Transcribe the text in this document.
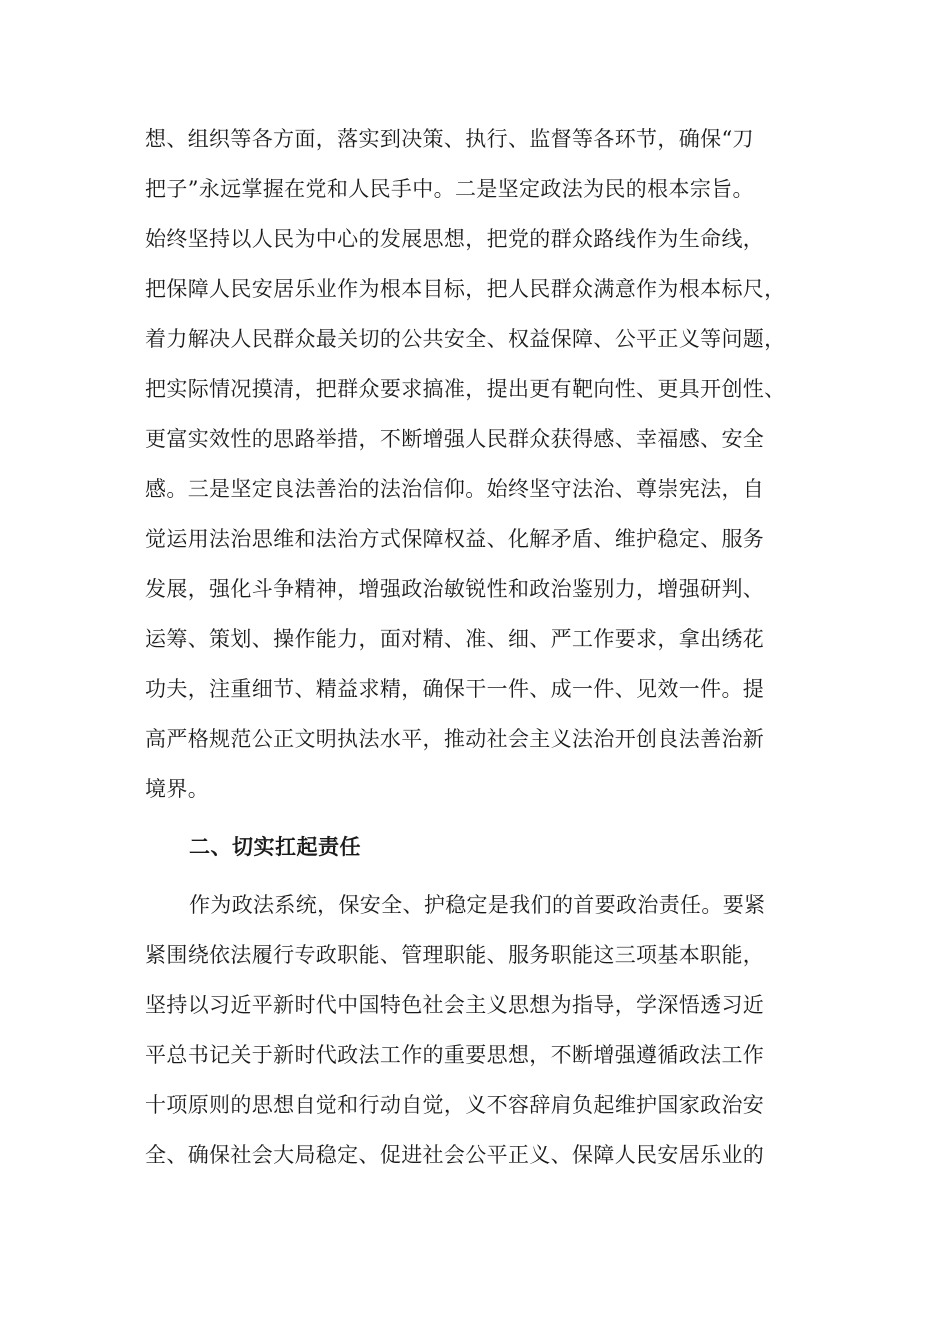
想、组织等各方面，落实到决策、执行、监督等各环节，确保“刀
把子”永远掌握在党和人民手中。二是坚定政法为民的根本宗旨。
始终坚持以人民为中心的发展思想，把党的群众路线作为生命线，
把保障人民安居乐业作为根本目标，把人民群众满意作为根本标尺，
着力解决人民群众最关切的公共安全、权益保障、公平正义等问题，
把实际情况摸清，把群众要求搞准，提出更有靶向性、更具开创性、
更富实效性的思路举措，不断增强人民群众获得感、幸福感、安全
感。三是坚定良法善治的法治信仰。始终坚守法治、尊崇宪法，自
觉运用法治思维和法治方式保障权益、化解矛盾、维护稳定、服务
发展，强化斗争精神，增强政治敏锐性和政治鉴别力，增强研判、
运筹、策划、操作能力，面对精、准、细、严工作要求，拿出绣花
功夫，注重细节、精益求精，确保干一件、成一件、见效一件。提
高严格规范公正文明执法水平，推动社会主义法治开创良法善治新
境界。
二、切实扛起责任
作为政法系统，保安全、护稳定是我们的首要政治责任。要紧
紧围绕依法履行专政职能、管理职能、服务职能这三项基本职能，
坚持以习近平新时代中国特色社会主义思想为指导，学深悟透习近
平总书记关于新时代政法工作的重要思想，不断增强遵循政法工作
十项原则的思想自觉和行动自觉，义不容辞肩负起维护国家政治安
全、确保社会大局稳定、促进社会公平正义、保障人民安居乐业的
